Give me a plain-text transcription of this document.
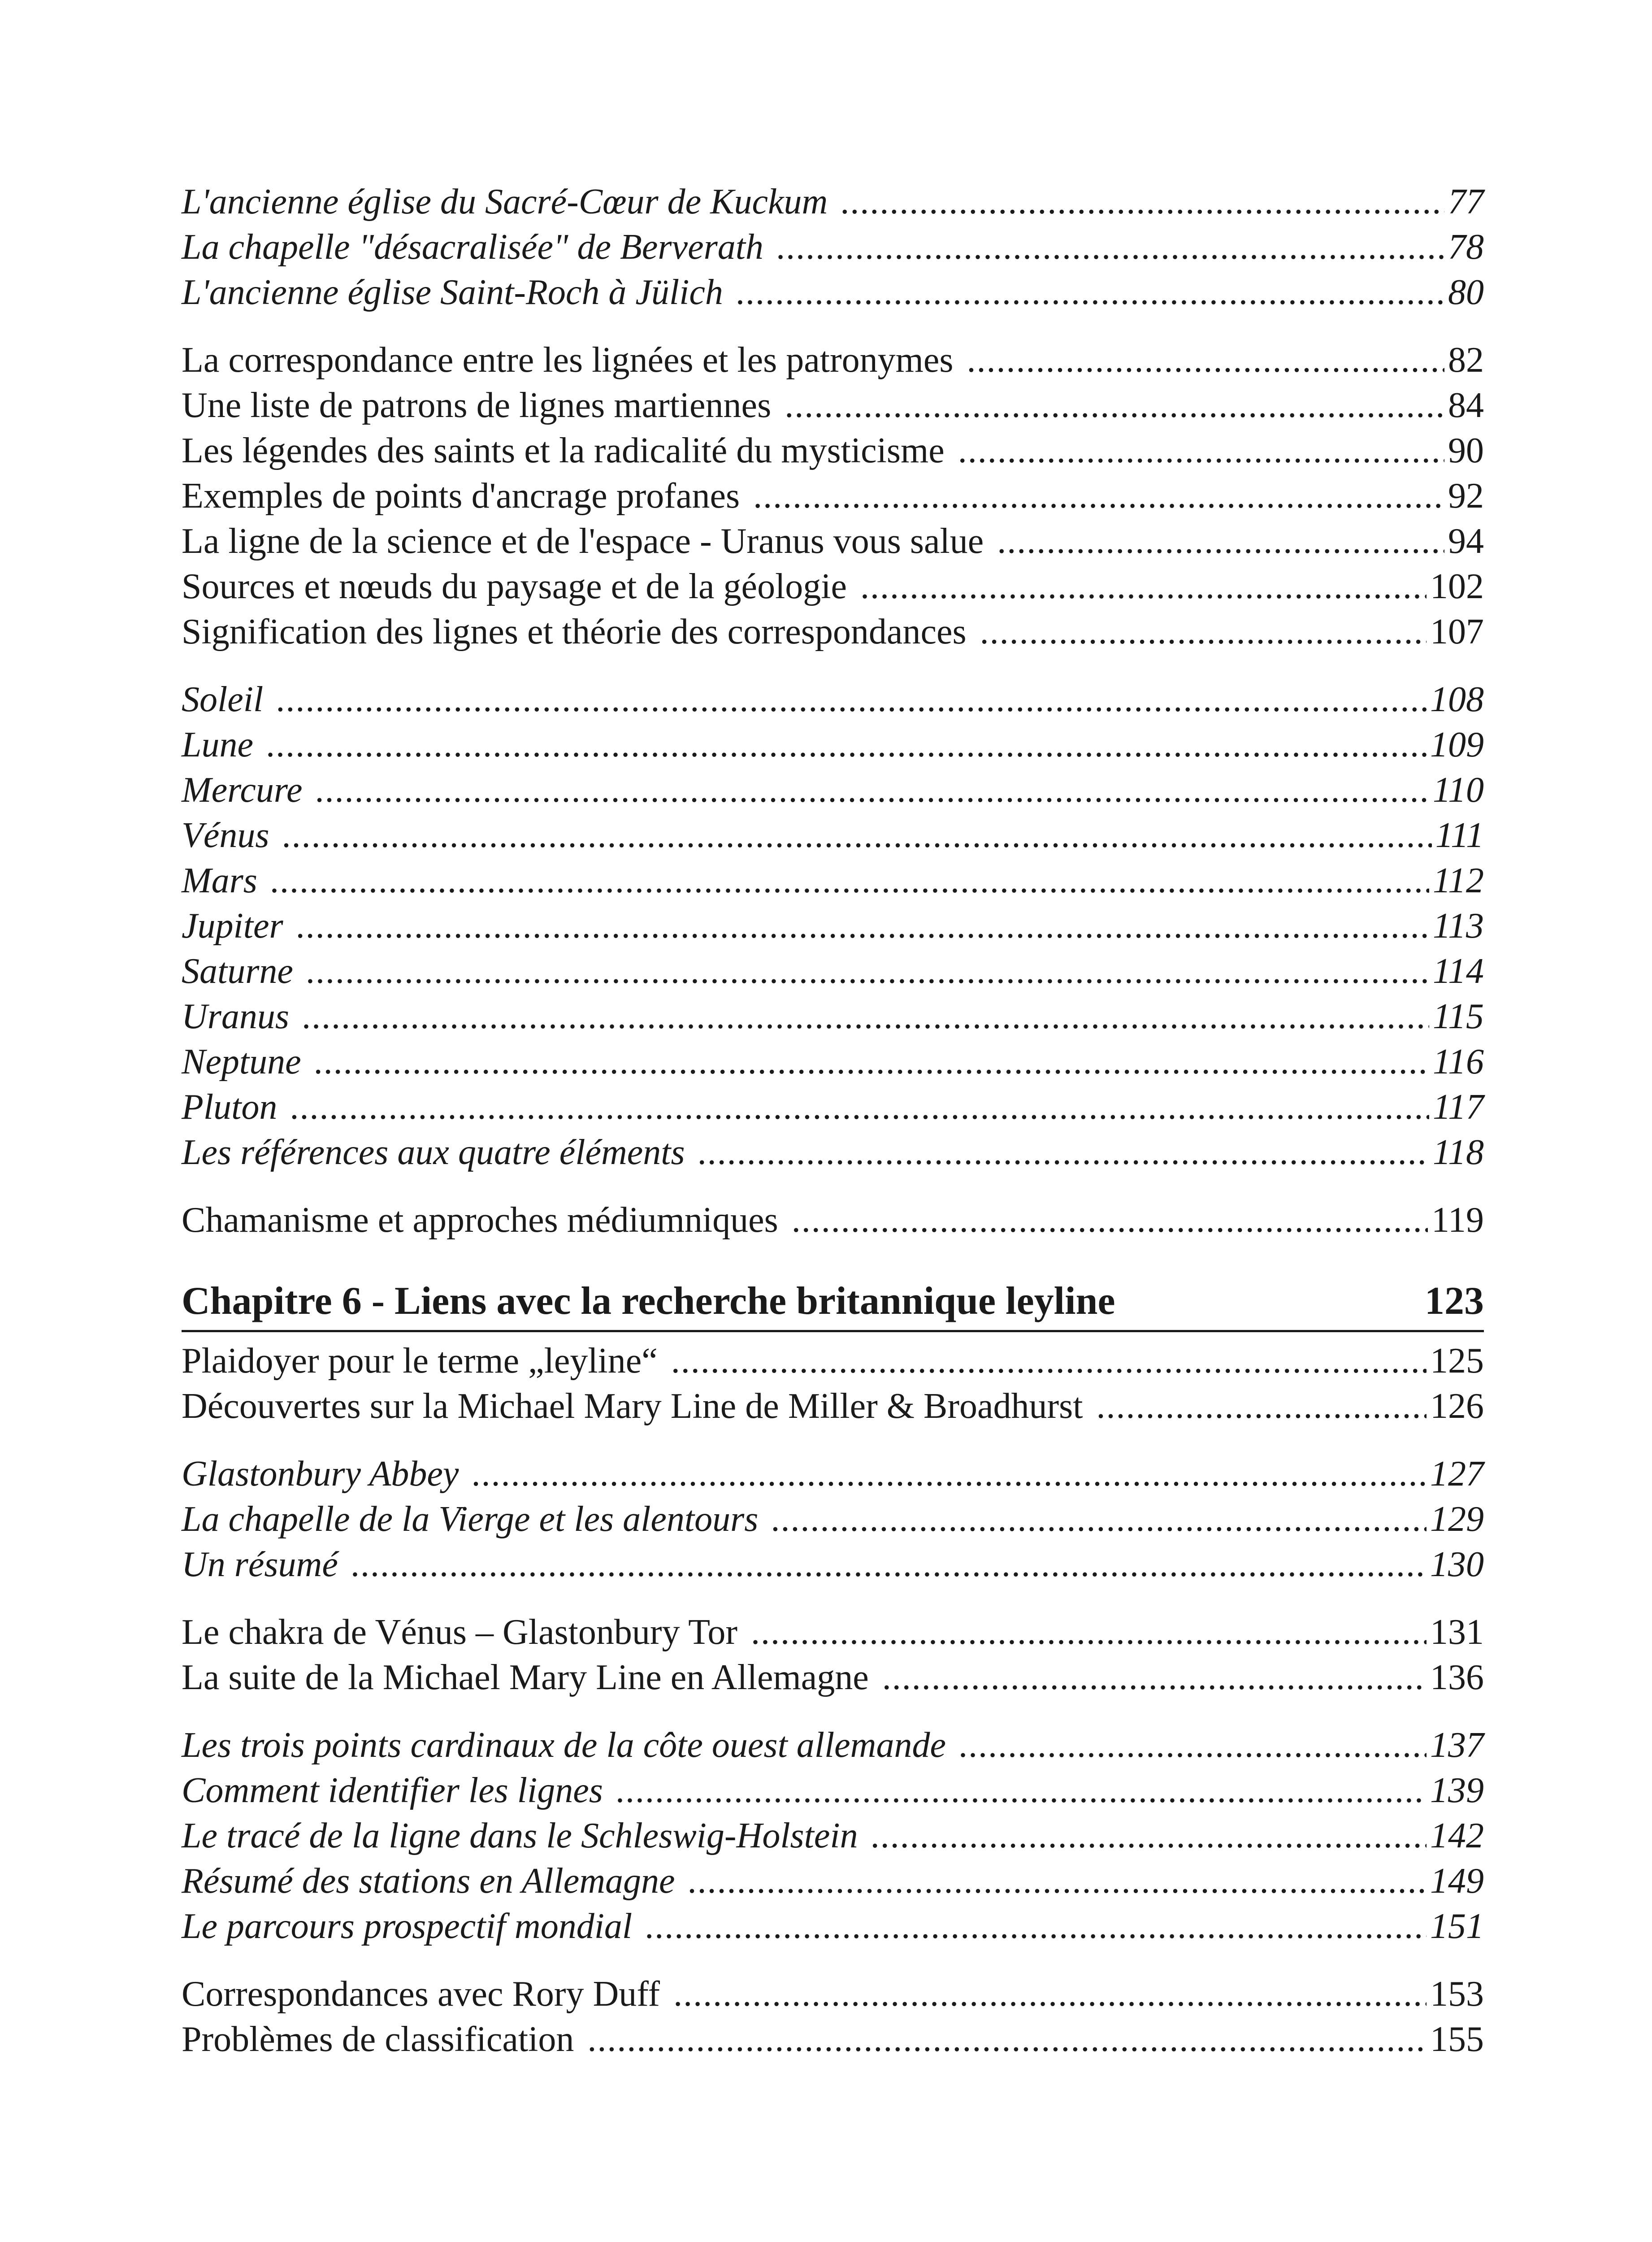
L'ancienne église du Sacré-Cœur de Kuckum .....	77
La chapelle "désacralisée" de Berverath .....	78
L'ancienne église Saint-Roch à Jülich .....	80
La correspondance entre les lignées et les patronymes .....	82
Une liste de patrons de lignes martiennes .....	84
Les légendes des saints et la radicalité du mysticisme .....	90
Exemples de points d'ancrage profanes .....	92
La ligne de la science et de l'espace - Uranus vous salue .....	94
Sources et nœuds du paysage et de la géologie .....	102
Signification des lignes et théorie des correspondances .....	107
Soleil .....	108
Lune .....	109
Mercure .....	110
Vénus .....	111
Mars .....	112
Jupiter .....	113
Saturne .....	114
Uranus .....	115
Neptune .....	116
Pluton .....	117
Les références aux quatre éléments .....	118
Chamanisme et approches médiumniques .....	119
Chapitre 6 - Liens avec la recherche britannique leyline	123
Plaidoyer pour le terme „leyline“ .....	125
Découvertes sur la Michael Mary Line de Miller & Broadhurst .....	126
Glastonbury Abbey .....	127
La chapelle de la Vierge et les alentours .....	129
Un résumé .....	130
Le chakra de Vénus – Glastonbury Tor .....	131
La suite de la Michael Mary Line en Allemagne .....	136
Les trois points cardinaux de la côte ouest allemande .....	137
Comment identifier les lignes .....	139
Le tracé de la ligne dans le Schleswig-Holstein .....	142
Résumé des stations en Allemagne .....	149
Le parcours prospectif mondial .....	151
Correspondances avec Rory Duff .....	153
Problèmes de classification .....	155
